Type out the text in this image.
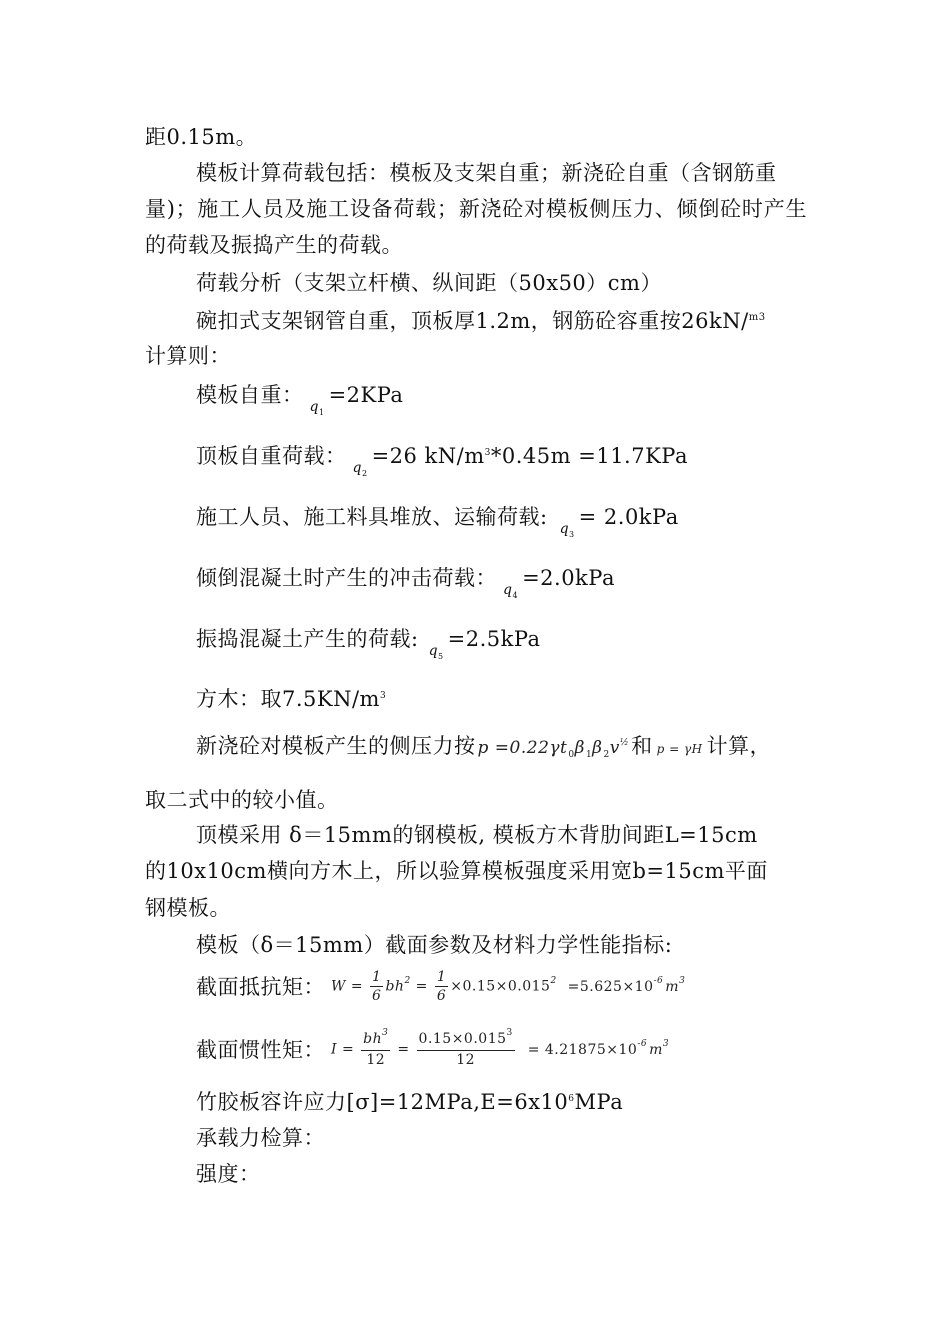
距0.15m。
模板计算荷载包括：模板及支架自重；新浇砼自重（含钢筋重
量)；施工人员及施工设备荷载；新浇砼对模板侧压力、倾倒砼时产生
的荷载及振捣产生的荷载。
荷载分析（支架立杆横、纵间距（50x50）cm）
碗扣式支架钢管自重，顶板厚1.2m，钢筋砼容重按26kN/$^{m3}$
计算则：
模板自重： $q_1=2KPa$
顶板自重荷载： $q_2=26$ $kN/m^3*0.45m =11.7KPa$
施工人员、施工料具堆放、运输荷载: $q_3= 2.0kPa$
倾倒混凝土时产生的冲击荷载： $q_4=2.0kPa$
振捣混凝土产生的荷载: $q_5=2.5kPa$
方木：取$7.5KN/m^3$
新浇砼对模板产生的侧压力按 $p =0.22\gamma t_0\beta_1\beta_2v^{\frac{1}{2}}$和 p = γH 计算，
取二式中的较小值。
顶模采用 δ＝15mm的钢模板, 模板方木背肋间距L=15cm
的10x10cm横向方木上，所以验算模板强度采用宽b=15cm平面
钢模板。
模板（δ＝15mm）截面参数及材料力学性能指标:
截面抵抗矩： $W = \frac{1}{6} bh^2 = \frac{1}{6} \times 0.15\times 0.015^2 =5.625\times 10^{-6}$ $m^3$
截面惯性矩： $I = \frac{bh^3}{12} = \frac{0.15\times 0.015^3}{12} = 4.21875\times 10^{-6}$ $m^3$
竹胶板容许应力$[\sigma]=12MPa,E=6x10^6MPa$
承载力检算：
强度：
